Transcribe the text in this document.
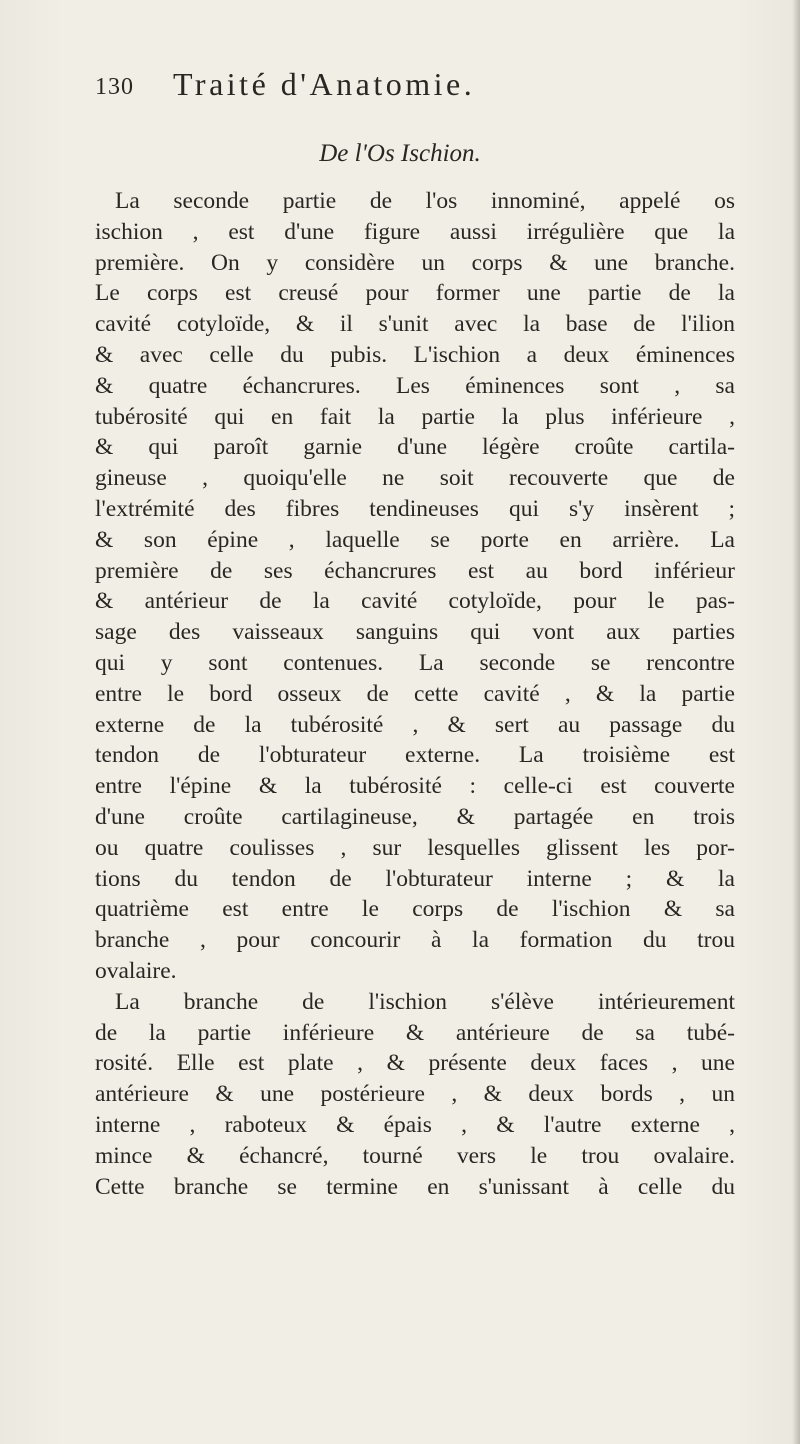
130 Traité d'Anatomie.
De l'Os Ischion.
La seconde partie de l'os innominé, appelé os
ischion , est d'une figure aussi irrégulière que la
première. On y considère un corps & une branche.
Le corps est creusé pour former une partie de la
cavité cotyloïde, & il s'unit avec la base de l'ilion
& avec celle du pubis. L'ischion a deux éminences
& quatre échancrures. Les éminences sont , sa
tubérosité qui en fait la partie la plus inférieure ,
& qui paroît garnie d'une légère croûte cartila-
gineuse , quoiqu'elle ne soit recouverte que de
l'extrémité des fibres tendineuses qui s'y insèrent ;
& son épine , laquelle se porte en arrière. La
première de ses échancrures est au bord inférieur
& antérieur de la cavité cotyloïde, pour le pas-
sage des vaisseaux sanguins qui vont aux parties
qui y sont contenues. La seconde se rencontre
entre le bord osseux de cette cavité , & la partie
externe de la tubérosité , & sert au passage du
tendon de l'obturateur externe. La troisième est
entre l'épine & la tubérosité : celle-ci est couverte
d'une croûte cartilagineuse, & partagée en trois
ou quatre coulisses , sur lesquelles glissent les por-
tions du tendon de l'obturateur interne ; & la
quatrième est entre le corps de l'ischion & sa
branche , pour concourir à la formation du trou
ovalaire.
La branche de l'ischion s'élève intérieurement
de la partie inférieure & antérieure de sa tubé-
rosité. Elle est plate , & présente deux faces , une
antérieure & une postérieure , & deux bords , un
interne , raboteux & épais , & l'autre externe ,
mince & échancré, tourné vers le trou ovalaire.
Cette branche se termine en s'unissant à celle du
